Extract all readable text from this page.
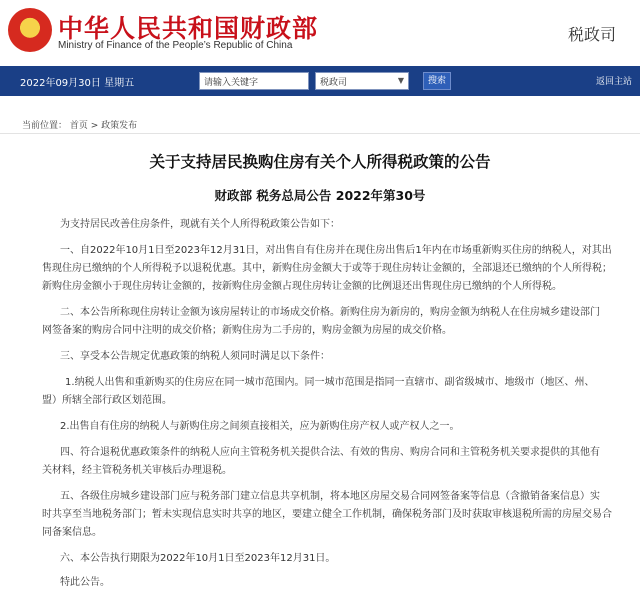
★
中华人民共和国财政部
Ministry of Finance of the People’s Republic of China
税政司
2022年09月30日 星期五	请输入关键字	税政司	▼	搜索	返回主站
当前位置： 首页 > 政策发布
关于支持居民换购住房有关个人所得税政策的公告
财政部 税务总局公告 2022年第30号
为支持居民改善住房条件，现就有关个人所得税政策公告如下：
一、自2022年10月1日至2023年12月31日，对出售自有住房并在现住房出售后1年内在市场重新购买住房的纳税人，对其出
售现住房已缴纳的个人所得税予以退税优惠。其中，新购住房金额大于或等于现住房转让金额的，全部退还已缴纳的个人所得税；
新购住房金额小于现住房转让金额的，按新购住房金额占现住房转让金额的比例退还出售现住房已缴纳的个人所得税。
二、本公告所称现住房转让金额为该房屋转让的市场成交价格。新购住房为新房的，购房金额为纳税人在住房城乡建设部门
网签备案的购房合同中注明的成交价格；新购住房为二手房的，购房金额为房屋的成交价格。
三、享受本公告规定优惠政策的纳税人须同时满足以下条件：
1.纳税人出售和重新购买的住房应在同一城市范围内。同一城市范围是指同一直辖市、副省级城市、地级市（地区、州、
盟）所辖全部行政区划范围。
2.出售自有住房的纳税人与新购住房之间须直接相关，应为新购住房产权人或产权人之一。
四、符合退税优惠政策条件的纳税人应向主管税务机关提供合法、有效的售房、购房合同和主管税务机关要求提供的其他有
关材料，经主管税务机关审核后办理退税。
五、各级住房城乡建设部门应与税务部门建立信息共享机制，将本地区房屋交易合同网签备案等信息（含撤销备案信息）实
时共享至当地税务部门；暂未实现信息实时共享的地区，要建立健全工作机制，确保税务部门及时获取审核退税所需的房屋交易合
同备案信息。
六、本公告执行期限为2022年10月1日至2023年12月31日。
特此公告。
